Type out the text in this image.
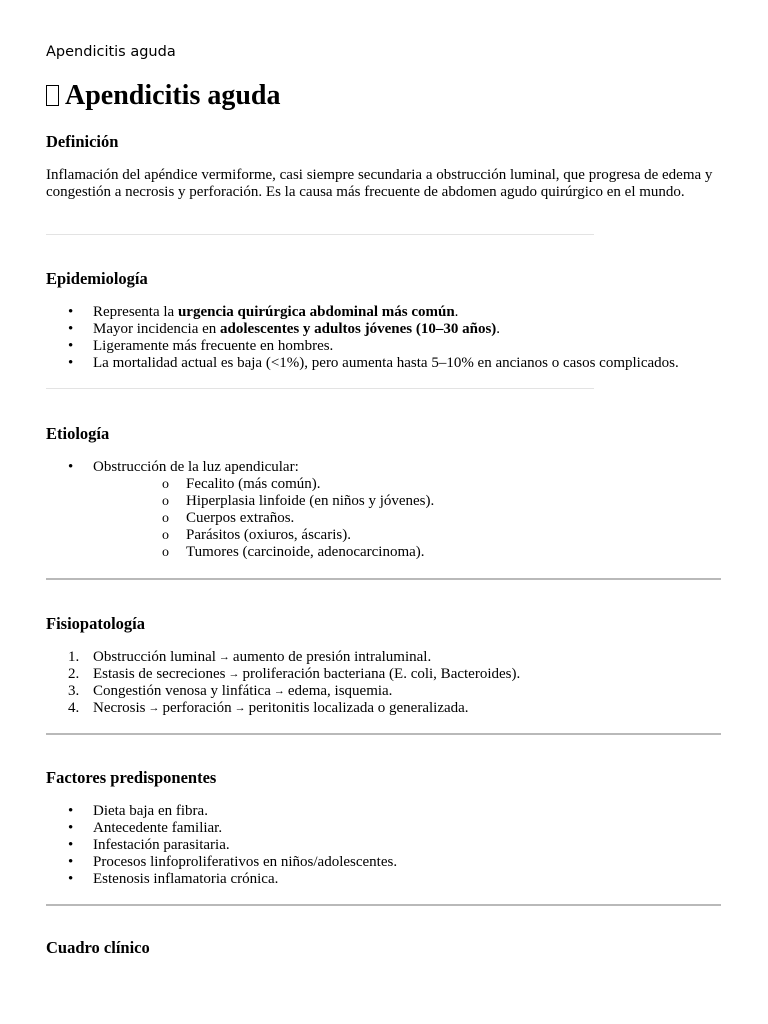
Apendicitis aguda
Apendicitis aguda
Definición

Inflamación del apéndice vermiforme, casi siempre secundaria a obstrucción luminal, que progresa de edema y congestión a necrosis y perforación. Es la causa más frecuente de abdomen agudo quirúrgico en el mundo.

Epidemiología
• Representa la urgencia quirúrgica abdominal más común.
• Mayor incidencia en adolescentes y adultos jóvenes (10–30 años).
• Ligeramente más frecuente en hombres.
• La mortalidad actual es baja (<1%), pero aumenta hasta 5–10% en ancianos o casos complicados.
Etiología
• Obstrucción de la luz apendicular:
o Fecalito (más común).
o Hiperplasia linfoide (en niños y jóvenes).
o Cuerpos extraños.
o Parásitos (oxiuros, áscaris).
o Tumores (carcinoide, adenocarcinoma).
Fisiopatología
1. Obstrucción luminal → aumento de presión intraluminal.
2. Estasis de secreciones → proliferación bacteriana (E. coli, Bacteroides).
3. Congestión venosa y linfática → edema, isquemia.
4. Necrosis → perforación → peritonitis localizada o generalizada.
Factores predisponentes
• Dieta baja en fibra.
• Antecedente familiar.
• Infestación parasitaria.
• Procesos linfoproliferativos en niños/adolescentes.
• Estenosis inflamatoria crónica.
Cuadro clínico
